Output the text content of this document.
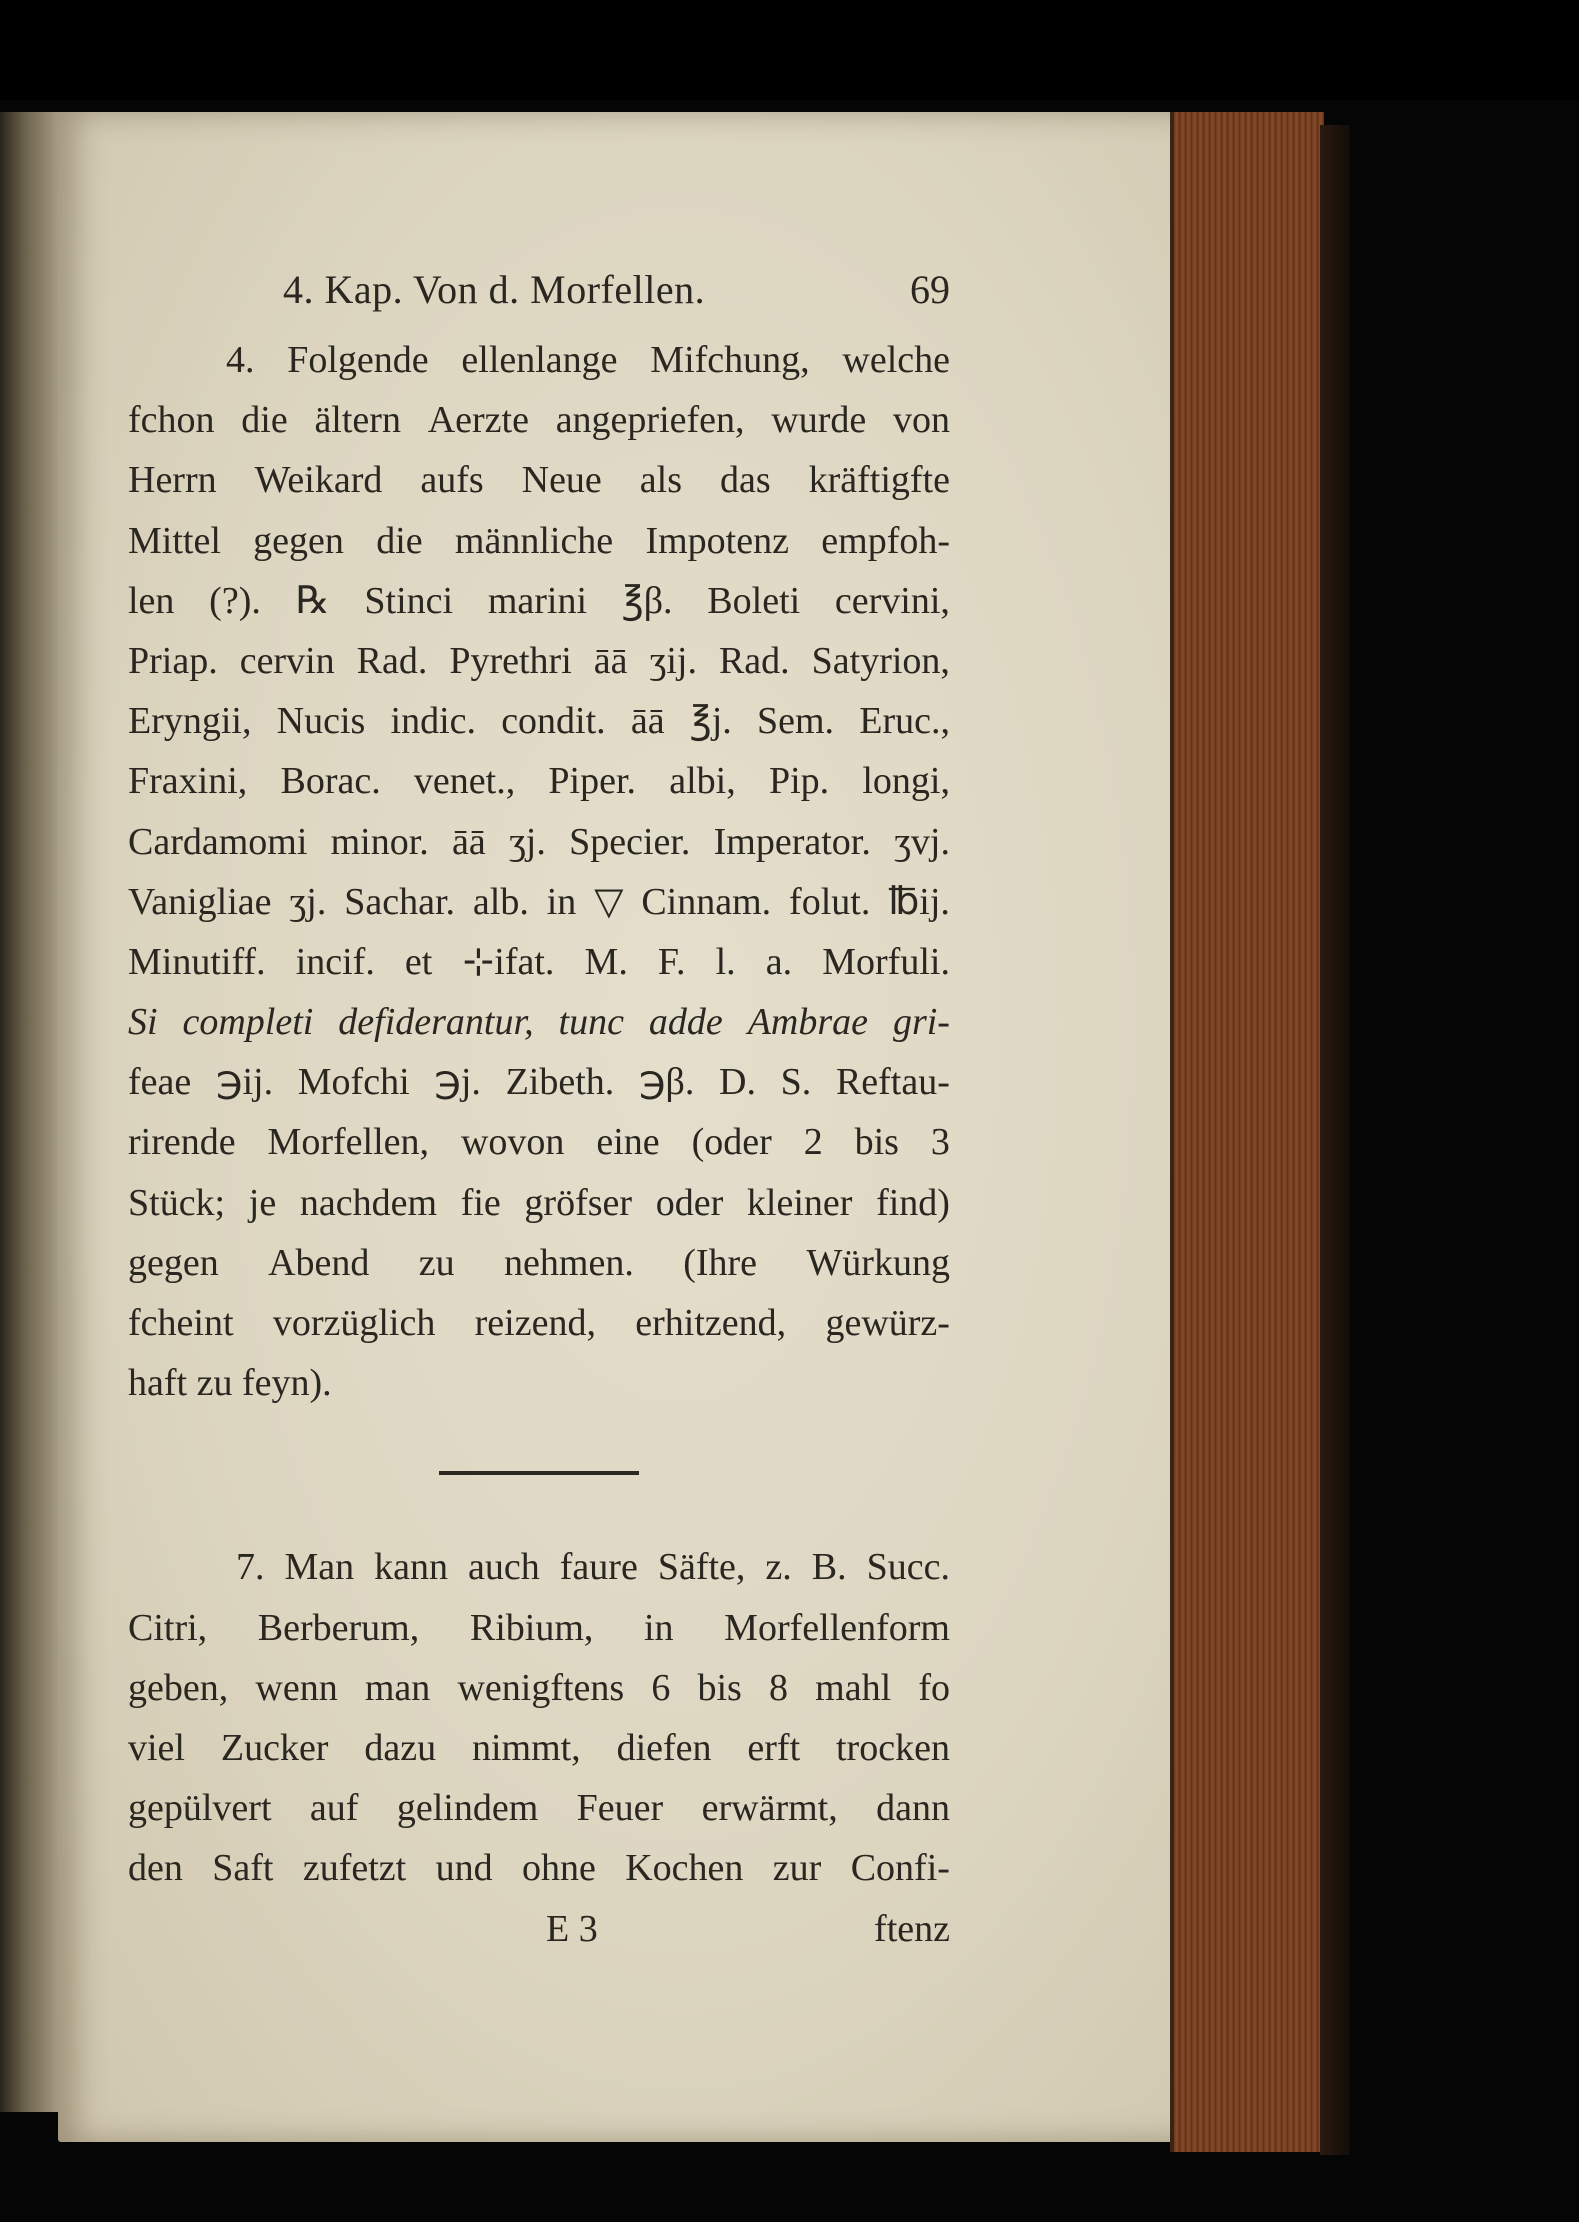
4. Kap. Von d. Morfellen.	69
4. Folgende ellenlange Mifchung, welche
fchon die ältern Aerzte angepriefen, wurde von
Herrn Weikard aufs Neue als das kräftigfte
Mittel gegen die männliche Impotenz empfoh-
len (?). ℞ Stinci marini ℥β. Boleti cervini,
Priap. cervin Rad. Pyrethri āā ʒij. Rad. Satyrion,
Eryngii, Nucis indic. condit. āā ℥j. Sem. Eruc.,
Fraxini, Borac. venet., Piper. albi, Pip. longi,
Cardamomi minor. āā ʒj. Specier. Imperator. ʒvj.
Vanigliae ʒj. Sachar. alb. in ▽ Cinnam. folut. ℔ij.
Minutiff. incif. et ⊹ifat. M. F. l. a. Morfuli.
Si completi defiderantur, tunc adde Ambrae gri-
feae ℈ij. Mofchi ℈j. Zibeth. ℈β. D. S. Reftau-
rirende Morfellen, wovon eine (oder 2 bis 3
Stück; je nachdem fie gröfser oder kleiner find)
gegen Abend zu nehmen. (Ihre Würkung
fcheint vorzüglich reizend, erhitzend, gewürz-
haft zu feyn).
7. Man kann auch faure Säfte, z. B. Succ.
Citri, Berberum, Ribium, in Morfellenform
geben, wenn man wenigftens 6 bis 8 mahl fo
viel Zucker dazu nimmt, diefen erft trocken
gepülvert auf gelindem Feuer erwärmt, dann
den Saft zufetzt und ohne Kochen zur Confi-
E 3	ftenz
